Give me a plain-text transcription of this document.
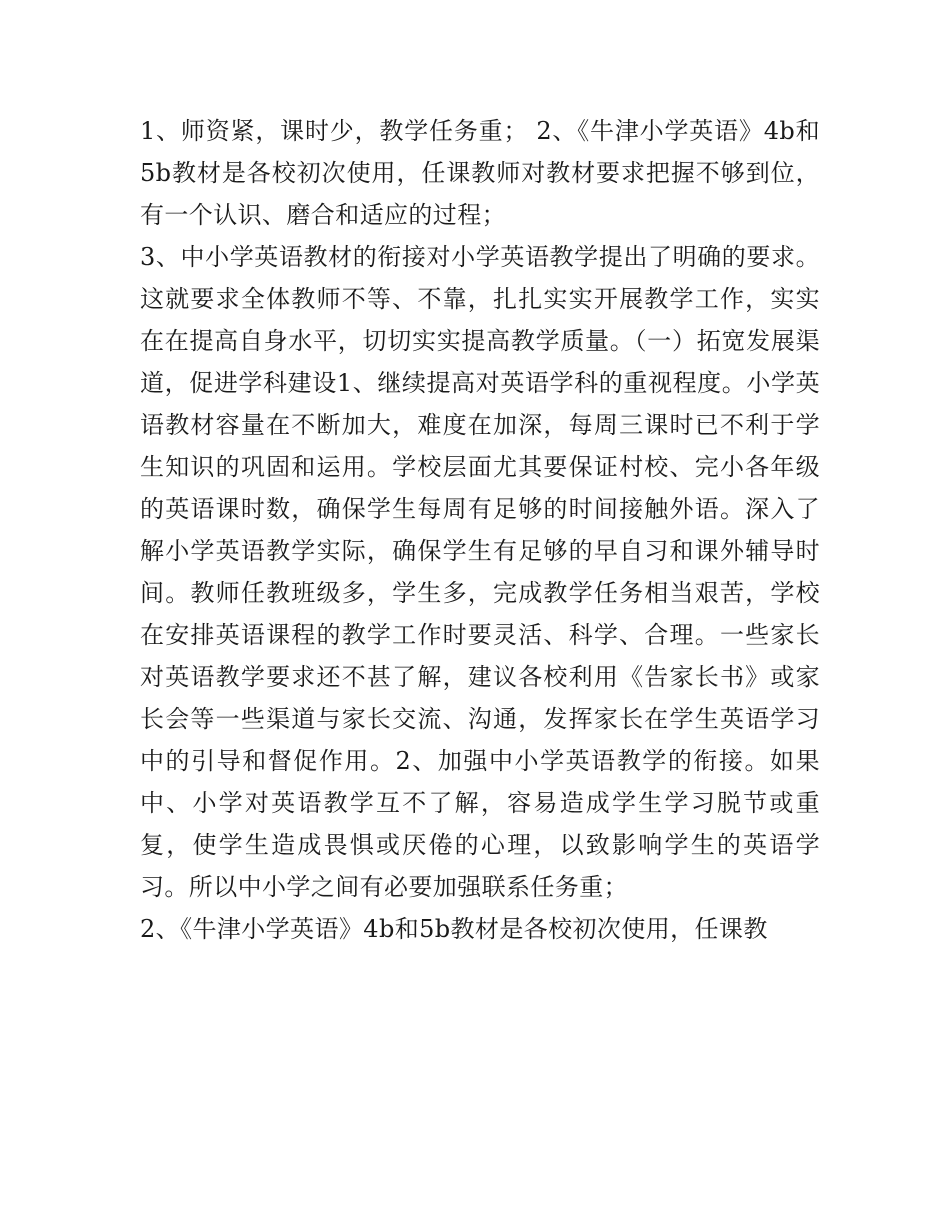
1、师资紧，课时少，教学任务重； 2、《牛津小学英语》4b和5b教材是各校初次使用，任课教师对教材要求把握不够到位，有一个认识、磨合和适应的过程；

3、中小学英语教材的衔接对小学英语教学提出了明确的要求。这就要求全体教师不等、不靠，扎扎实实开展教学工作，实实在在提高自身水平，切切实实提高教学质量。（一）拓宽发展渠道，促进学科建设1、继续提高对英语学科的重视程度。小学英语教材容量在不断加大，难度在加深，每周三课时已不利于学生知识的巩固和运用。学校层面尤其要保证村校、完小各年级的英语课时数，确保学生每周有足够的时间接触外语。深入了解小学英语教学实际，确保学生有足够的早自习和课外辅导时间。教师任教班级多，学生多，完成教学任务相当艰苦，学校在安排英语课程的教学工作时要灵活、科学、合理。一些家长对英语教学要求还不甚了解，建议各校利用《告家长书》或家长会等一些渠道与家长交流、沟通，发挥家长在学生英语学习中的引导和督促作用。2、加强中小学英语教学的衔接。如果中、小学对英语教学互不了解，容易造成学生学习脱节或重复，使学生造成畏惧或厌倦的心理，以致影响学生的英语学习。所以中小学之间有必要加强联系任务重；

2、《牛津小学英语》4b和5b教材是各校初次使用，任课教
